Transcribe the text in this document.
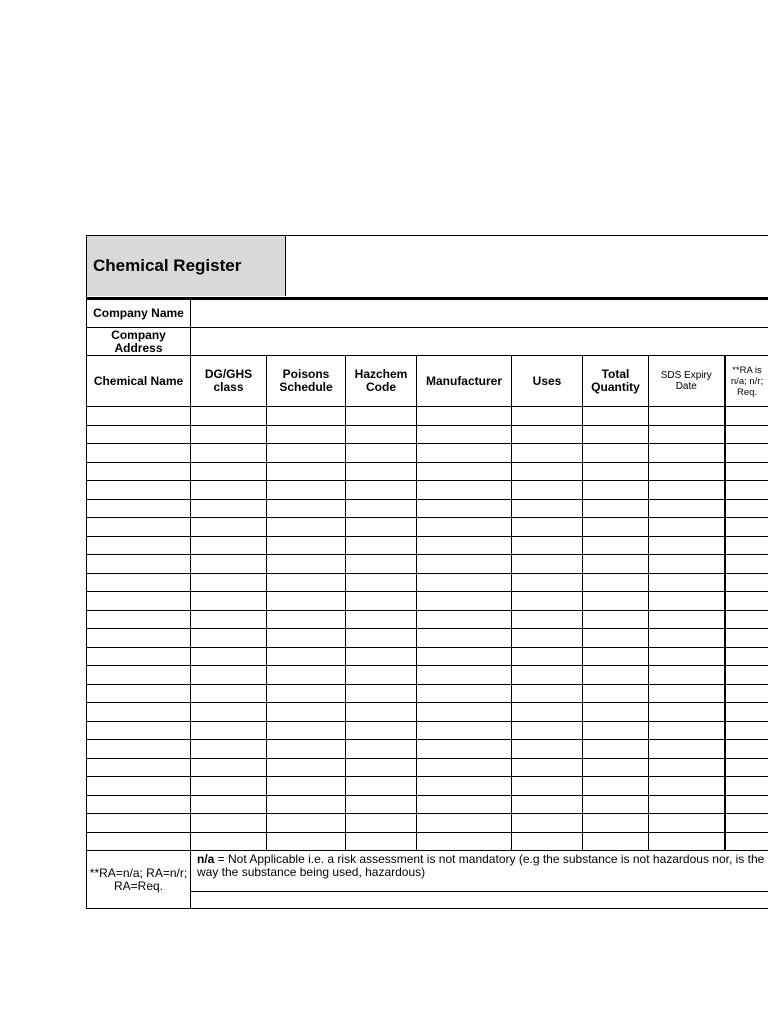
Chemical Register
Company Name								
Company Address								
Chemical Name	DG/GHS class	Poisons Schedule	Hazchem Code	Manufacturer	Uses	Total Quantity	SDS Expiry Date	**RA is n/a; n/r; Req.

**RA=n/a; RA=n/r; RA=Req.	n/a = Not Applicable i.e. a risk assessment is not mandatory (e.g the substance is not hazardous nor, is the way the substance being used, hazardous)							
